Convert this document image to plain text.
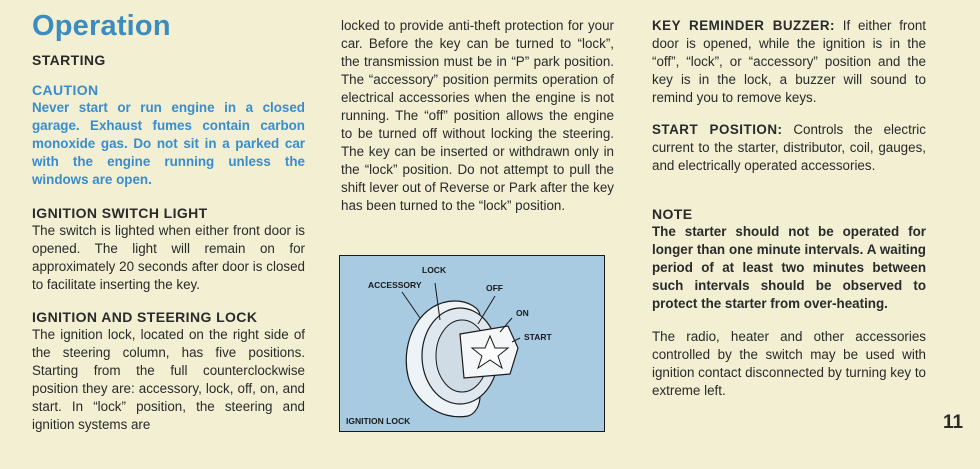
Operation
STARTING
CAUTION

Never start or run engine in a closed garage. Exhaust fumes contain carbon monoxide gas. Do not sit in a parked car with the engine running unless the windows are open.

IGNITION SWITCH LIGHT

The switch is lighted when either front door is opened. The light will remain on for approximately 20 seconds after door is closed to facilitate inserting the key.

IGNITION AND STEERING LOCK

The ignition lock, located on the right side of the steering column, has five positions. Starting from the full counterclockwise position they are: accessory, lock, off, on, and start. In “lock” position, the steering and ignition systems are

locked to provide anti-theft protection for your car. Before the key can be turned to “lock”, the transmission must be in “P” park position. The “accessory” position permits operation of electrical accessories when the engine is not running. The “off” position allows the engine to be turned off without locking the steering. The key can be inserted or withdrawn only in the “lock” position. Do not attempt to pull the shift lever out of Reverse or Park after the key has been turned to the “lock” position.

LOCK
ACCESSORY	OFF
ON
START
IGNITION LOCK

KEY REMINDER BUZZER: If either front door is opened, while the ignition is in the “off”, “lock”, or “accessory” position and the key is in the lock, a buzzer will sound to remind you to remove keys.

START POSITION: Controls the electric current to the starter, distributor, coil, gauges, and electrically operated accessories.

NOTE

The starter should not be operated for longer than one minute intervals. A waiting period of at least two minutes between such intervals should be observed to protect the starter from over-heating.

The radio, heater and other accessories controlled by the switch may be used with ignition contact disconnected by turning key to extreme left.

11
